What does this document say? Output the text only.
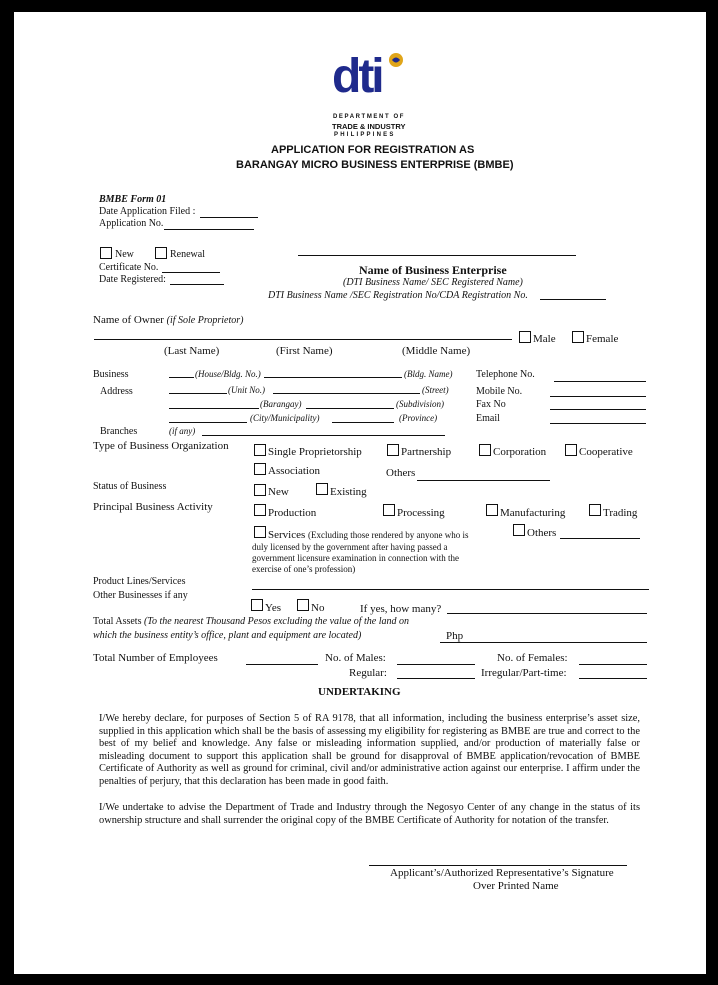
dti
DEPARTMENT OF
TRADE & INDUSTRY
PHILIPPINES
APPLICATION FOR REGISTRATION AS
BARANGAY MICRO BUSINESS ENTERPRISE (BMBE)
BMBE Form 01
Date Application Filed :
Application No.
New	Renewal
Certificate No.
Date Registered:
Name of Business Enterprise
(DTI Business Name/ SEC Registered Name)
DTI Business Name /SEC Registration No/CDA Registration No.
Name of Owner (if Sole Proprietor)
Male	Female
(Last Name)	(First Name)	(Middle Name)
Business
Address
(House/Bldg. No.)	(Bldg. Name)
(Unit No.)	(Street)
(Barangay)	(Subdivision)
(City/Municipality)	(Province)
Telephone No.
Mobile No.
Fax No
Email
Branches	(if any)
Type of Business Organization	Single Proprietorship	Partnership	Corporation	Cooperative
Association	Others
Status of Business	New	Existing
Principal Business Activity	Production	Processing	Manufacturing	Trading
Services (Excluding those rendered by anyone who is
duly licensed by the government after having passed a
government licensure examination in connection with the
exercise of one’s profession)
Others
Product Lines/Services
Other Businesses if any
Yes	No	If yes, how many?
Total Assets (To the nearest Thousand Pesos excluding the value of the land on
which the business entity’s office, plant and equipment are located)	Php
Total Number of Employees	No. of Males:	No. of Females:
Regular:	Irregular/Part-time:
UNDERTAKING
I/We hereby declare, for purposes of Section 5 of RA 9178, that all information, including the business enterprise’s asset size, supplied in this application which shall be the basis of assessing my eligibility for registering as BMBE are true and correct to the best of my belief and knowledge. Any false or misleading information supplied, and/or production of materially false or misleading document to support this application shall be ground for disapproval of BMBE application/revocation of BMBE Certificate of Authority as well as ground for criminal, civil and/or administrative action against our enterprise. I affirm under the penalties of perjury, that this declaration has been made in good faith.
I/We undertake to advise the Department of Trade and Industry through the Negosyo Center of any change in the status of its ownership structure and shall surrender the original copy of the BMBE Certificate of Authority for notation of the transfer.
Applicant’s/Authorized Representative’s Signature
Over Printed Name
